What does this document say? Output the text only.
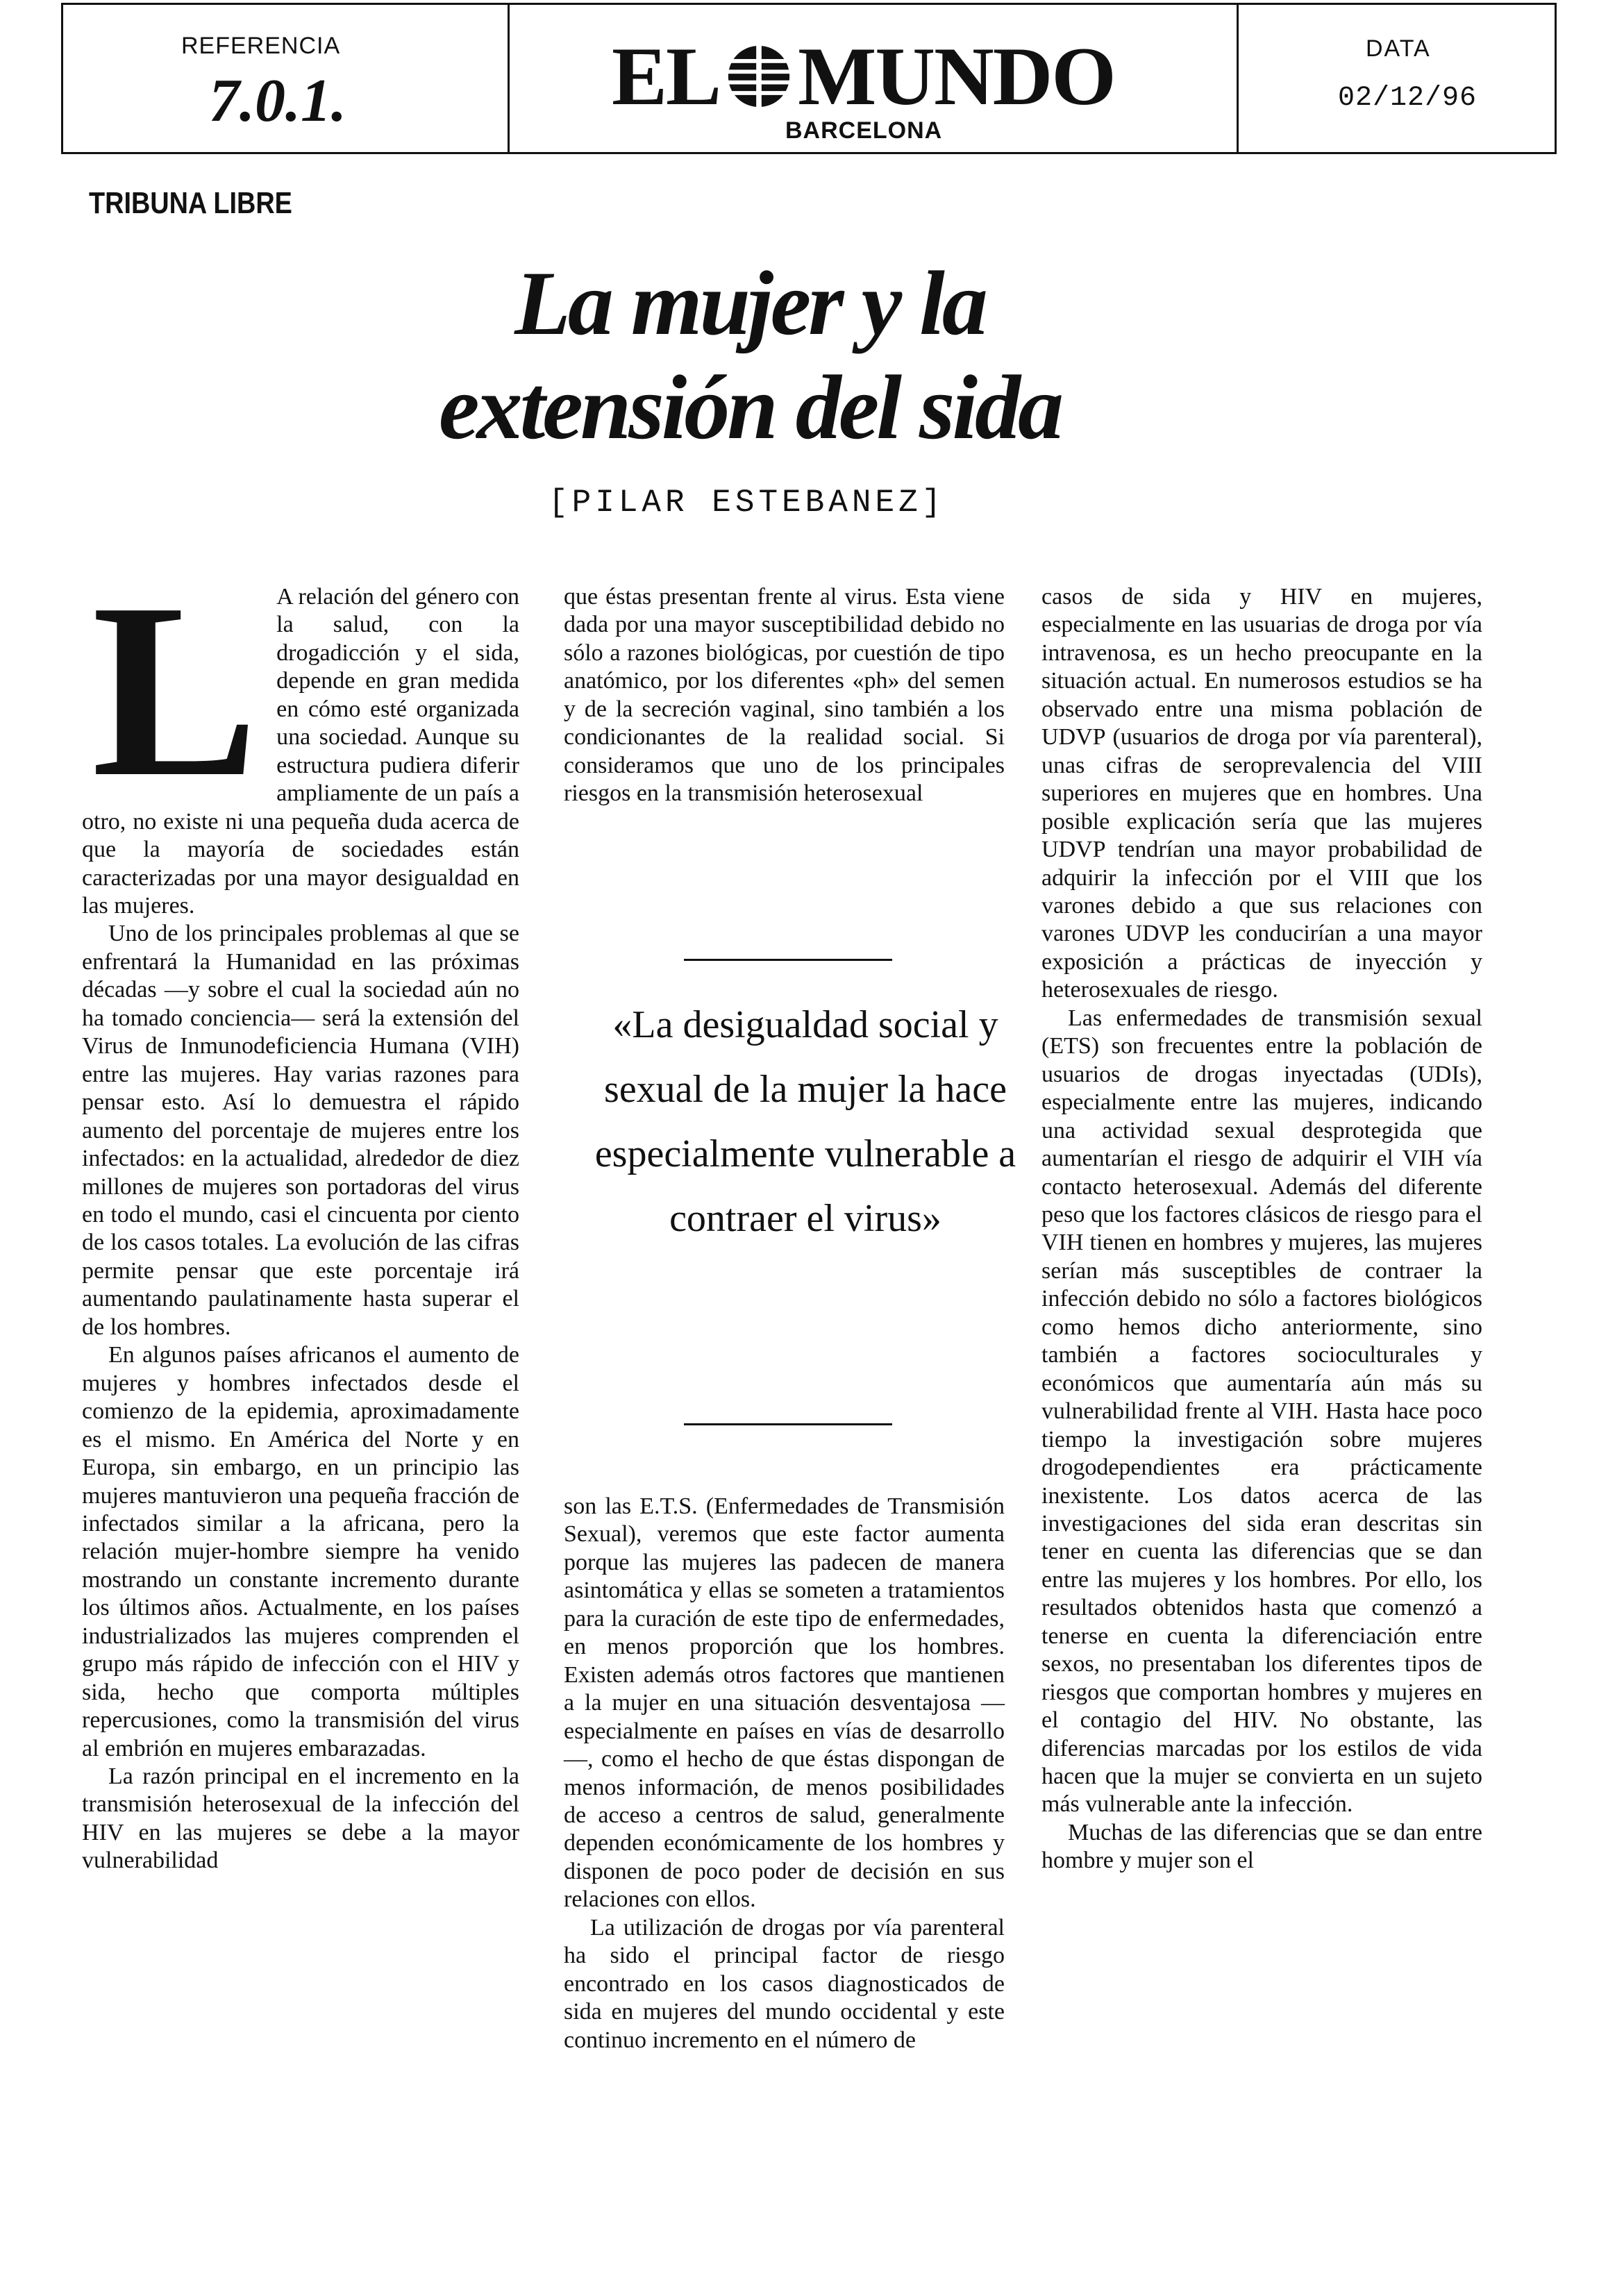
REFERENCIA
7.0.1.	EL MUNDO
BARCELONA
DATA
02/12/96
TRIBUNA LIBRE
La mujer y la
extensión del sida
[PILAR ESTEBANEZ]
L A relación del género con la salud, con la drogadicción y el sida, depende en gran medida en cómo esté organizada una sociedad. Aunque su estructura pudiera diferir ampliamente de un país a otro, no existe ni una pequeña duda acerca de que la mayoría de sociedades están caracterizadas por una mayor desigualdad en las mujeres.

Uno de los principales problemas al que se enfrentará la Humanidad en las próximas décadas —y sobre el cual la sociedad aún no ha tomado conciencia— será la extensión del Virus de Inmunodeficiencia Humana (VIH) entre las mujeres. Hay varias razones para pensar esto. Así lo demuestra el rápido aumento del porcentaje de mujeres entre los infectados: en la actualidad, alrededor de diez millones de mujeres son portadoras del virus en todo el mundo, casi el cincuenta por ciento de los casos totales. La evolución de las cifras permite pensar que este porcentaje irá aumentando paulatinamente hasta superar el de los hombres.

En algunos países africanos el aumento de mujeres y hombres infectados desde el comienzo de la epidemia, aproximadamente es el mismo. En América del Norte y en Europa, sin embargo, en un principio las mujeres mantuvieron una pequeña fracción de infectados similar a la africana, pero la relación mujer-hombre siempre ha venido mostrando un constante incremento durante los últimos años. Actualmente, en los países industrializados las mujeres comprenden el grupo más rápido de infección con el HIV y sida, hecho que comporta múltiples repercusiones, como la transmisión del virus al embrión en mujeres embarazadas.

La razón principal en el incremento en la transmisión heterosexual de la infección del HIV en las mujeres se debe a la mayor vulnerabilidad

que éstas presentan frente al virus. Esta viene dada por una mayor susceptibilidad debido no sólo a razones biológicas, por cuestión de tipo anatómico, por los diferentes «ph» del semen y de la secreción vaginal, sino también a los condicionantes de la realidad social. Si consideramos que uno de los principales riesgos en la transmisión heterosexual

«La desigualdad social y sexual de la mujer la hace especialmente vulnerable a contraer el virus»

son las E.T.S. (Enfermedades de Transmisión Sexual), veremos que este factor aumenta porque las mujeres las padecen de manera asintomática y ellas se someten a tratamientos para la curación de este tipo de enfermedades, en menos proporción que los hombres. Existen además otros factores que mantienen a la mujer en una situación desventajosa —especialmente en países en vías de desarrollo—, como el hecho de que éstas dispongan de menos información, de menos posibilidades de acceso a centros de salud, generalmente dependen económicamente de los hombres y disponen de poco poder de decisión en sus relaciones con ellos.

La utilización de drogas por vía parenteral ha sido el principal factor de riesgo encontrado en los casos diagnosticados de sida en mujeres del mundo occidental y este continuo incremento en el número de

casos de sida y HIV en mujeres, especialmente en las usuarias de droga por vía intravenosa, es un hecho preocupante en la situación actual. En numerosos estudios se ha observado entre una misma población de UDVP (usuarios de droga por vía parenteral), unas cifras de seroprevalencia del VIII superiores en mujeres que en hombres. Una posible explicación sería que las mujeres UDVP tendrían una mayor probabilidad de adquirir la infección por el VIII que los varones debido a que sus relaciones con varones UDVP les conducirían a una mayor exposición a prácticas de inyección y heterosexuales de riesgo.

Las enfermedades de transmisión sexual (ETS) son frecuentes entre la población de usuarios de drogas inyectadas (UDIs), especialmente entre las mujeres, indicando una actividad sexual desprotegida que aumentarían el riesgo de adquirir el VIH vía contacto heterosexual. Además del diferente peso que los factores clásicos de riesgo para el VIH tienen en hombres y mujeres, las mujeres serían más susceptibles de contraer la infección debido no sólo a factores biológicos como hemos dicho anteriormente, sino también a factores socioculturales y económicos que aumentaría aún más su vulnerabilidad frente al VIH. Hasta hace poco tiempo la investigación sobre mujeres drogodependientes era prácticamente inexistente. Los datos acerca de las investigaciones del sida eran descritas sin tener en cuenta las diferencias que se dan entre las mujeres y los hombres. Por ello, los resultados obtenidos hasta que comenzó a tenerse en cuenta la diferenciación entre sexos, no presentaban los diferentes tipos de riesgos que comportan hombres y mujeres en el contagio del HIV. No obstante, las diferencias marcadas por los estilos de vida hacen que la mujer se convierta en un sujeto más vulnerable ante la infección.

Muchas de las diferencias que se dan entre hombre y mujer son el
